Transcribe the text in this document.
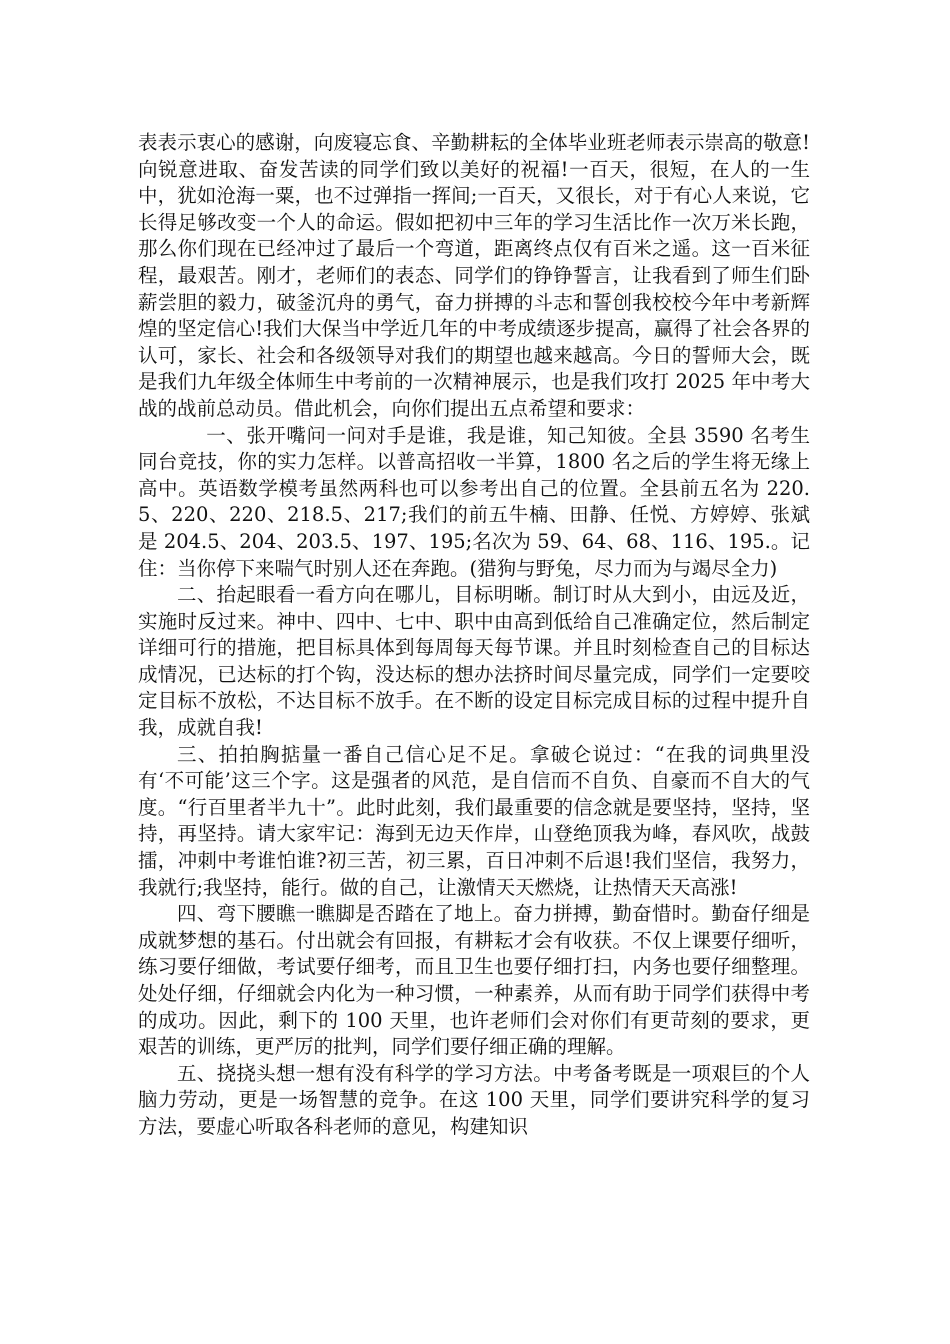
表表示衷心的感谢，向废寝忘食、辛勤耕耘的全体毕业班老师表示崇高的敬意!向锐意进取、奋发苦读的同学们致以美好的祝福!一百天，很短，在人的一生中，犹如沧海一粟，也不过弹指一挥间;一百天，又很长，对于有心人来说，它长得足够改变一个人的命运。假如把初中三年的学习生活比作一次万米长跑，那么你们现在已经冲过了最后一个弯道，距离终点仅有百米之遥。这一百米征程，最艰苦。刚才，老师们的表态、同学们的铮铮誓言，让我看到了师生们卧薪尝胆的毅力，破釜沉舟的勇气，奋力拼搏的斗志和誓创我校校今年中考新辉煌的坚定信心!我们大保当中学近几年的中考成绩逐步提高，赢得了社会各界的认可，家长、社会和各级领导对我们的期望也越来越高。今日的誓师大会，既是我们九年级全体师生中考前的一次精神展示，也是我们攻打 2025 年中考大战的战前总动员。借此机会，向你们提出五点希望和要求：

一、张开嘴问一问对手是谁，我是谁，知己知彼。全县 3590 名考生同台竞技，你的实力怎样。以普高招收一半算，1800 名之后的学生将无缘上高中。英语数学模考虽然两科也可以参考出自己的位置。全县前五名为 220.5、220、220、218.5、217;我们的前五牛楠、田静、任悦、方婷婷、张斌是 204.5、204、203.5、197、195;名次为 59、64、68、116、195.。记住：当你停下来喘气时别人还在奔跑。(猎狗与野兔，尽力而为与竭尽全力)

二、抬起眼看一看方向在哪儿，目标明晰。制订时从大到小，由远及近，实施时反过来。神中、四中、七中、职中由高到低给自己准确定位，然后制定详细可行的措施，把目标具体到每周每天每节课。并且时刻检查自己的目标达成情况，已达标的打个钩，没达标的想办法挤时间尽量完成，同学们一定要咬定目标不放松，不达目标不放手。在不断的设定目标完成目标的过程中提升自我，成就自我!

三、拍拍胸掂量一番自己信心足不足。拿破仑说过：“在我的词典里没有‘不可能’这三个字。这是强者的风范，是自信而不自负、自豪而不自大的气度。“行百里者半九十”。此时此刻，我们最重要的信念就是要坚持，坚持，坚持，再坚持。请大家牢记：海到无边天作岸，山登绝顶我为峰，春风吹，战鼓擂，冲刺中考谁怕谁?初三苦，初三累，百日冲刺不后退!我们坚信，我努力，我就行;我坚持，能行。做的自己，让激情天天燃烧，让热情天天高涨!

四、弯下腰瞧一瞧脚是否踏在了地上。奋力拼搏，勤奋惜时。勤奋仔细是成就梦想的基石。付出就会有回报，有耕耘才会有收获。不仅上课要仔细听，练习要仔细做，考试要仔细考，而且卫生也要仔细打扫，内务也要仔细整理。处处仔细，仔细就会内化为一种习惯，一种素养，从而有助于同学们获得中考的成功。因此，剩下的 100 天里，也许老师们会对你们有更苛刻的要求，更艰苦的训练，更严厉的批判，同学们要仔细正确的理解。

五、挠挠头想一想有没有科学的学习方法。中考备考既是一项艰巨的个人脑力劳动，更是一场智慧的竞争。在这 100 天里，同学们要讲究科学的复习方法，要虚心听取各科老师的意见，构建知识
